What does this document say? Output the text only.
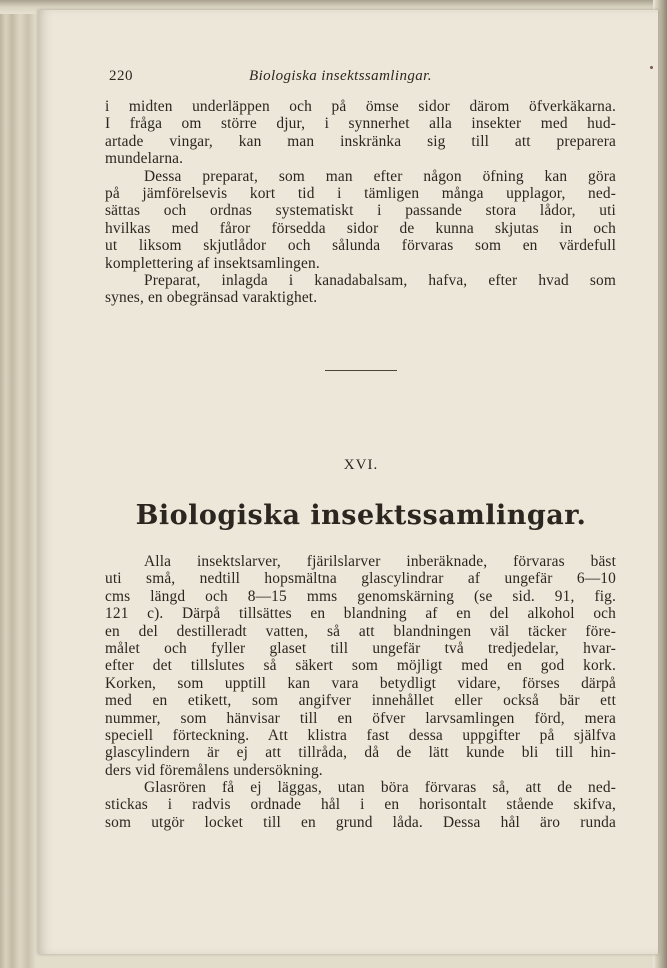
220	Biologiska insektssamlingar.
i midten underläppen och på ömse sidor därom öfverkäkarna.
I fråga om större djur, i synnerhet alla insekter med hud-
artade vingar, kan man inskränka sig till att preparera
mundelarna.
Dessa preparat, som man efter någon öfning kan göra
på jämförelsevis kort tid i tämligen många upplagor, ned-
sättas och ordnas systematiskt i passande stora lådor, uti
hvilkas med fåror försedda sidor de kunna skjutas in och
ut liksom skjutlådor och sålunda förvaras som en värdefull
komplettering af insektsamlingen.
Preparat, inlagda i kanadabalsam, hafva, efter hvad som
synes, en obegränsad varaktighet.
XVI.
Biologiska insektssamlingar.
Alla insektslarver, fjärilslarver inberäknade, förvaras bäst
uti små, nedtill hopsmältna glascylindrar af ungefär 6—10
cms längd och 8—15 mms genomskärning (se sid. 91, fig.
121 c). Därpå tillsättes en blandning af en del alkohol och
en del destilleradt vatten, så att blandningen väl täcker före-
målet och fyller glaset till ungefär två tredjedelar, hvar-
efter det tillslutes så säkert som möjligt med en god kork.
Korken, som upptill kan vara betydligt vidare, förses därpå
med en etikett, som angifver innehållet eller också bär ett
nummer, som hänvisar till en öfver larvsamlingen förd, mera
speciell förteckning. Att klistra fast dessa uppgifter på själfva
glascylindern är ej att tillråda, då de lätt kunde bli till hin-
ders vid föremålens undersökning.
Glasrören få ej läggas, utan böra förvaras så, att de ned-
stickas i radvis ordnade hål i en horisontalt stående skifva,
som utgör locket till en grund låda. Dessa hål äro runda
